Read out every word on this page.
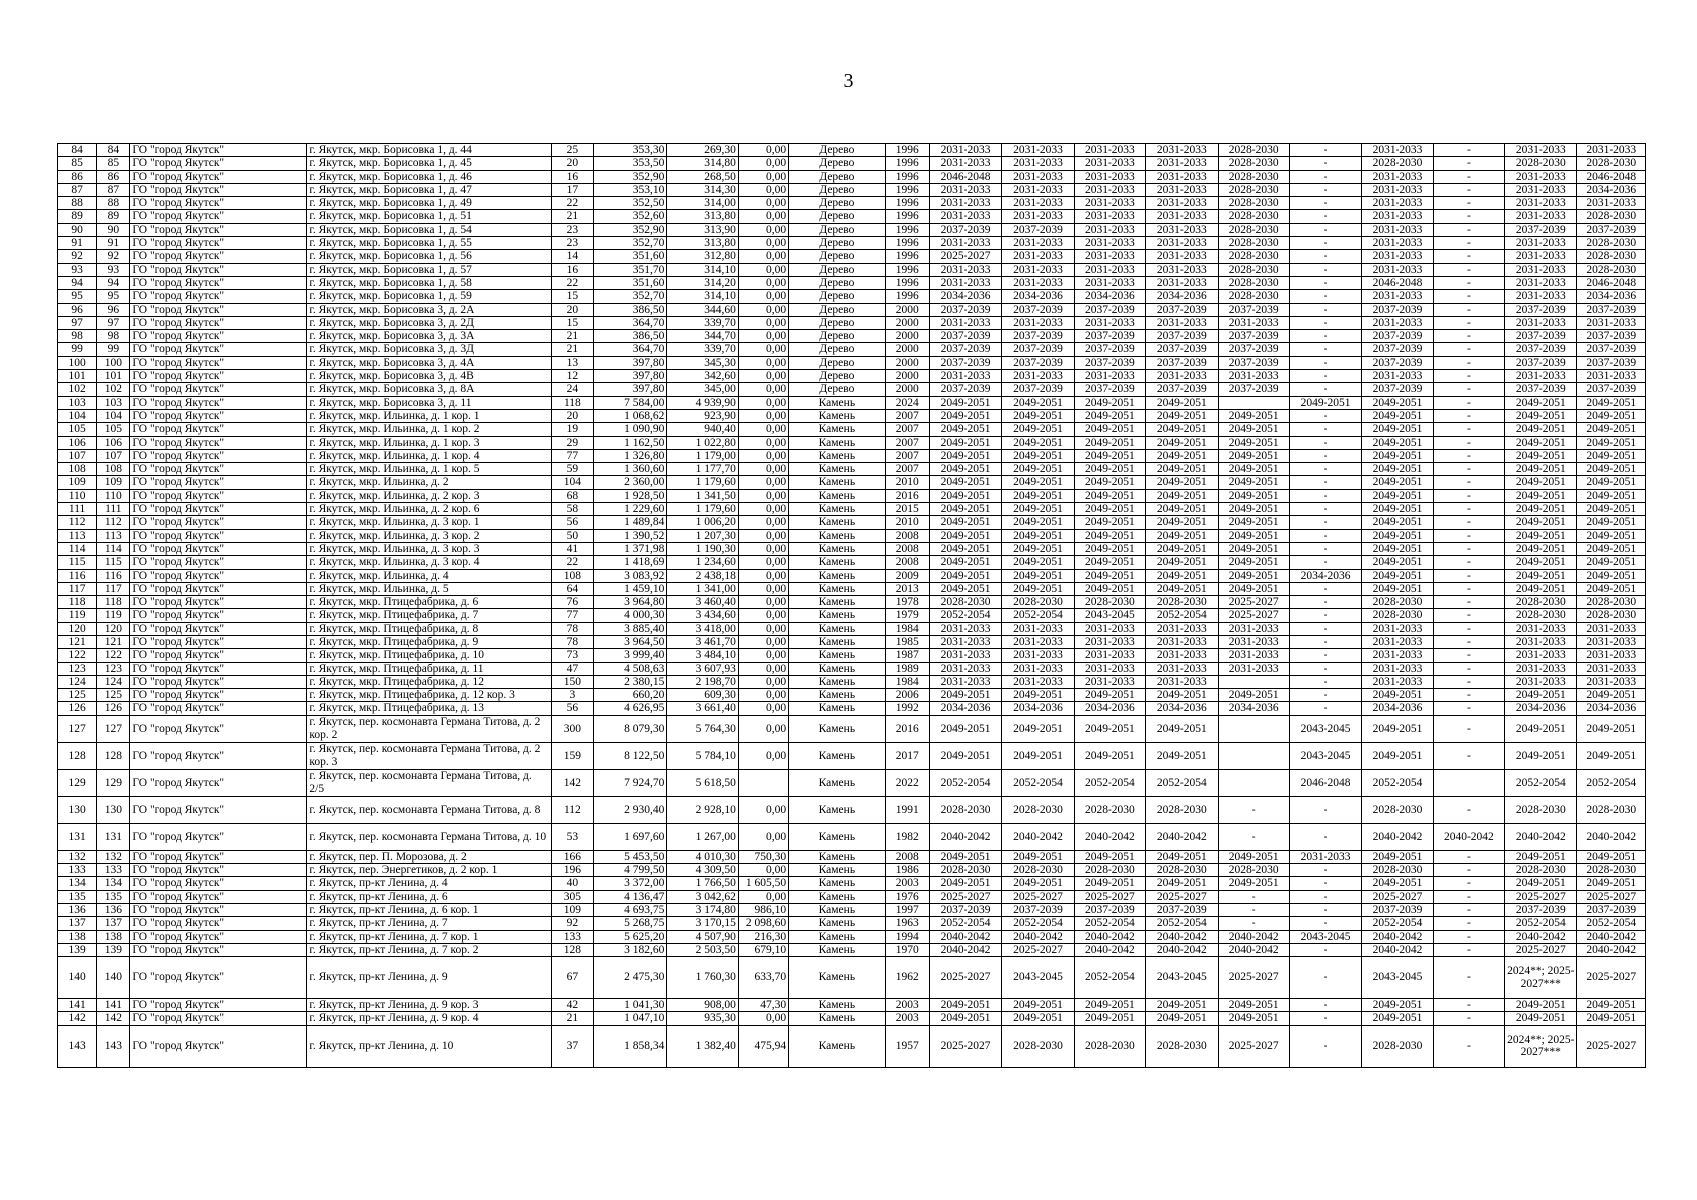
3
84	84	ГО "город Якутск"	г. Якутск, мкр. Борисовка 1, д. 44	25	353,30	269,30	0,00	Дерево	1996	2031-2033	2031-2033	2031-2033	2031-2033	2028-2030	-	2031-2033	-	2031-2033	2031-2033
85	85	ГО "город Якутск"	г. Якутск, мкр. Борисовка 1, д. 45	20	353,50	314,80	0,00	Дерево	1996	2031-2033	2031-2033	2031-2033	2031-2033	2028-2030	-	2028-2030	-	2028-2030	2028-2030
86	86	ГО "город Якутск"	г. Якутск, мкр. Борисовка 1, д. 46	16	352,90	268,50	0,00	Дерево	1996	2046-2048	2031-2033	2031-2033	2031-2033	2028-2030	-	2031-2033	-	2031-2033	2046-2048
87	87	ГО "город Якутск"	г. Якутск, мкр. Борисовка 1, д. 47	17	353,10	314,30	0,00	Дерево	1996	2031-2033	2031-2033	2031-2033	2031-2033	2028-2030	-	2031-2033	-	2031-2033	2034-2036
88	88	ГО "город Якутск"	г. Якутск, мкр. Борисовка 1, д. 49	22	352,50	314,00	0,00	Дерево	1996	2031-2033	2031-2033	2031-2033	2031-2033	2028-2030	-	2031-2033	-	2031-2033	2031-2033
89	89	ГО "город Якутск"	г. Якутск, мкр. Борисовка 1, д. 51	21	352,60	313,80	0,00	Дерево	1996	2031-2033	2031-2033	2031-2033	2031-2033	2028-2030	-	2031-2033	-	2031-2033	2028-2030
90	90	ГО "город Якутск"	г. Якутск, мкр. Борисовка 1, д. 54	23	352,90	313,90	0,00	Дерево	1996	2037-2039	2037-2039	2031-2033	2031-2033	2028-2030	-	2031-2033	-	2037-2039	2037-2039
91	91	ГО "город Якутск"	г. Якутск, мкр. Борисовка 1, д. 55	23	352,70	313,80	0,00	Дерево	1996	2031-2033	2031-2033	2031-2033	2031-2033	2028-2030	-	2031-2033	-	2031-2033	2028-2030
92	92	ГО "город Якутск"	г. Якутск, мкр. Борисовка 1, д. 56	14	351,60	312,80	0,00	Дерево	1996	2025-2027	2031-2033	2031-2033	2031-2033	2028-2030	-	2031-2033	-	2031-2033	2028-2030
93	93	ГО "город Якутск"	г. Якутск, мкр. Борисовка 1, д. 57	16	351,70	314,10	0,00	Дерево	1996	2031-2033	2031-2033	2031-2033	2031-2033	2028-2030	-	2031-2033	-	2031-2033	2028-2030
94	94	ГО "город Якутск"	г. Якутск, мкр. Борисовка 1, д. 58	22	351,60	314,20	0,00	Дерево	1996	2031-2033	2031-2033	2031-2033	2031-2033	2028-2030	-	2046-2048	-	2031-2033	2046-2048
95	95	ГО "город Якутск"	г. Якутск, мкр. Борисовка 1, д. 59	15	352,70	314,10	0,00	Дерево	1996	2034-2036	2034-2036	2034-2036	2034-2036	2028-2030	-	2031-2033	-	2031-2033	2034-2036
96	96	ГО "город Якутск"	г. Якутск, мкр. Борисовка 3, д. 2А	20	386,50	344,60	0,00	Дерево	2000	2037-2039	2037-2039	2037-2039	2037-2039	2037-2039	-	2037-2039	-	2037-2039	2037-2039
97	97	ГО "город Якутск"	г. Якутск, мкр. Борисовка 3, д. 2Д	15	364,70	339,70	0,00	Дерево	2000	2031-2033	2031-2033	2031-2033	2031-2033	2031-2033	-	2031-2033	-	2031-2033	2031-2033
98	98	ГО "город Якутск"	г. Якутск, мкр. Борисовка 3, д. 3А	21	386,50	344,70	0,00	Дерево	2000	2037-2039	2037-2039	2037-2039	2037-2039	2037-2039	-	2037-2039	-	2037-2039	2037-2039
99	99	ГО "город Якутск"	г. Якутск, мкр. Борисовка 3, д. 3Д	21	364,70	339,70	0,00	Дерево	2000	2037-2039	2037-2039	2037-2039	2037-2039	2037-2039	-	2037-2039	-	2037-2039	2037-2039
100	100	ГО "город Якутск"	г. Якутск, мкр. Борисовка 3, д. 4А	13	397,80	345,30	0,00	Дерево	2000	2037-2039	2037-2039	2037-2039	2037-2039	2037-2039	-	2037-2039	-	2037-2039	2037-2039
101	101	ГО "город Якутск"	г. Якутск, мкр. Борисовка 3, д. 4В	12	397,80	342,60	0,00	Дерево	2000	2031-2033	2031-2033	2031-2033	2031-2033	2031-2033	-	2031-2033	-	2031-2033	2031-2033
102	102	ГО "город Якутск"	г. Якутск, мкр. Борисовка 3, д. 8А	24	397,80	345,00	0,00	Дерево	2000	2037-2039	2037-2039	2037-2039	2037-2039	2037-2039	-	2037-2039	-	2037-2039	2037-2039
103	103	ГО "город Якутск"	г. Якутск, мкр. Борисовка 3, д. 11	118	7 584,00	4 939,90	0,00	Камень	2024	2049-2051	2049-2051	2049-2051	2049-2051		2049-2051	2049-2051	-	2049-2051	2049-2051
104	104	ГО "город Якутск"	г. Якутск, мкр. Ильинка, д. 1 кор. 1	20	1 068,62	923,90	0,00	Камень	2007	2049-2051	2049-2051	2049-2051	2049-2051	2049-2051	-	2049-2051	-	2049-2051	2049-2051
105	105	ГО "город Якутск"	г. Якутск, мкр. Ильинка, д. 1 кор. 2	19	1 090,90	940,40	0,00	Камень	2007	2049-2051	2049-2051	2049-2051	2049-2051	2049-2051	-	2049-2051	-	2049-2051	2049-2051
106	106	ГО "город Якутск"	г. Якутск, мкр. Ильинка, д. 1 кор. 3	29	1 162,50	1 022,80	0,00	Камень	2007	2049-2051	2049-2051	2049-2051	2049-2051	2049-2051	-	2049-2051	-	2049-2051	2049-2051
107	107	ГО "город Якутск"	г. Якутск, мкр. Ильинка, д. 1 кор. 4	77	1 326,80	1 179,00	0,00	Камень	2007	2049-2051	2049-2051	2049-2051	2049-2051	2049-2051	-	2049-2051	-	2049-2051	2049-2051
108	108	ГО "город Якутск"	г. Якутск, мкр. Ильинка, д. 1 кор. 5	59	1 360,60	1 177,70	0,00	Камень	2007	2049-2051	2049-2051	2049-2051	2049-2051	2049-2051	-	2049-2051	-	2049-2051	2049-2051
109	109	ГО "город Якутск"	г. Якутск, мкр. Ильинка, д. 2	104	2 360,00	1 179,60	0,00	Камень	2010	2049-2051	2049-2051	2049-2051	2049-2051	2049-2051	-	2049-2051	-	2049-2051	2049-2051
110	110	ГО "город Якутск"	г. Якутск, мкр. Ильинка, д. 2 кор. 3	68	1 928,50	1 341,50	0,00	Камень	2016	2049-2051	2049-2051	2049-2051	2049-2051	2049-2051	-	2049-2051	-	2049-2051	2049-2051
111	111	ГО "город Якутск"	г. Якутск, мкр. Ильинка, д. 2 кор. 6	58	1 229,60	1 179,60	0,00	Камень	2015	2049-2051	2049-2051	2049-2051	2049-2051	2049-2051	-	2049-2051	-	2049-2051	2049-2051
112	112	ГО "город Якутск"	г. Якутск, мкр. Ильинка, д. 3 кор. 1	56	1 489,84	1 006,20	0,00	Камень	2010	2049-2051	2049-2051	2049-2051	2049-2051	2049-2051	-	2049-2051	-	2049-2051	2049-2051
113	113	ГО "город Якутск"	г. Якутск, мкр. Ильинка, д. 3 кор. 2	50	1 390,52	1 207,30	0,00	Камень	2008	2049-2051	2049-2051	2049-2051	2049-2051	2049-2051	-	2049-2051	-	2049-2051	2049-2051
114	114	ГО "город Якутск"	г. Якутск, мкр. Ильинка, д. 3 кор. 3	41	1 371,98	1 190,30	0,00	Камень	2008	2049-2051	2049-2051	2049-2051	2049-2051	2049-2051	-	2049-2051	-	2049-2051	2049-2051
115	115	ГО "город Якутск"	г. Якутск, мкр. Ильинка, д. 3 кор. 4	22	1 418,69	1 234,60	0,00	Камень	2008	2049-2051	2049-2051	2049-2051	2049-2051	2049-2051	-	2049-2051	-	2049-2051	2049-2051
116	116	ГО "город Якутск"	г. Якутск, мкр. Ильинка, д. 4	108	3 083,92	2 438,18	0,00	Камень	2009	2049-2051	2049-2051	2049-2051	2049-2051	2049-2051	2034-2036	2049-2051	-	2049-2051	2049-2051
117	117	ГО "город Якутск"	г. Якутск, мкр. Ильинка, д. 5	64	1 459,10	1 341,00	0,00	Камень	2013	2049-2051	2049-2051	2049-2051	2049-2051	2049-2051	-	2049-2051	-	2049-2051	2049-2051
118	118	ГО "город Якутск"	г. Якутск, мкр. Птицефабрика, д. 6	76	3 964,80	3 460,40	0,00	Камень	1978	2028-2030	2028-2030	2028-2030	2028-2030	2025-2027	-	2028-2030	-	2028-2030	2028-2030
119	119	ГО "город Якутск"	г. Якутск, мкр. Птицефабрика, д. 7	77	4 000,30	3 434,60	0,00	Камень	1979	2052-2054	2052-2054	2043-2045	2052-2054	2025-2027	-	2028-2030	-	2028-2030	2028-2030
120	120	ГО "город Якутск"	г. Якутск, мкр. Птицефабрика, д. 8	78	3 885,40	3 418,00	0,00	Камень	1984	2031-2033	2031-2033	2031-2033	2031-2033	2031-2033	-	2031-2033	-	2031-2033	2031-2033
121	121	ГО "город Якутск"	г. Якутск, мкр. Птицефабрика, д. 9	78	3 964,50	3 461,70	0,00	Камень	1985	2031-2033	2031-2033	2031-2033	2031-2033	2031-2033	-	2031-2033	-	2031-2033	2031-2033
122	122	ГО "город Якутск"	г. Якутск, мкр. Птицефабрика, д. 10	73	3 999,40	3 484,10	0,00	Камень	1987	2031-2033	2031-2033	2031-2033	2031-2033	2031-2033	-	2031-2033	-	2031-2033	2031-2033
123	123	ГО "город Якутск"	г. Якутск, мкр. Птицефабрика, д. 11	47	4 508,63	3 607,93	0,00	Камень	1989	2031-2033	2031-2033	2031-2033	2031-2033	2031-2033	-	2031-2033	-	2031-2033	2031-2033
124	124	ГО "город Якутск"	г. Якутск, мкр. Птицефабрика, д. 12	150	2 380,15	2 198,70	0,00	Камень	1984	2031-2033	2031-2033	2031-2033	2031-2033		-	2031-2033	-	2031-2033	2031-2033
125	125	ГО "город Якутск"	г. Якутск, мкр. Птицефабрика, д. 12 кор. 3	3	660,20	609,30	0,00	Камень	2006	2049-2051	2049-2051	2049-2051	2049-2051	2049-2051	-	2049-2051	-	2049-2051	2049-2051
126	126	ГО "город Якутск"	г. Якутск, мкр. Птицефабрика, д. 13	56	4 626,95	3 661,40	0,00	Камень	1992	2034-2036	2034-2036	2034-2036	2034-2036	2034-2036	-	2034-2036	-	2034-2036	2034-2036
127	127	ГО "город Якутск"	г. Якутск, пер. космонавта Германа Титова, д. 2 кор. 2	300	8 079,30	5 764,30	0,00	Камень	2016	2049-2051	2049-2051	2049-2051	2049-2051		2043-2045	2049-2051	-	2049-2051	2049-2051
128	128	ГО "город Якутск"	г. Якутск, пер. космонавта Германа Титова, д. 2 кор. 3	159	8 122,50	5 784,10	0,00	Камень	2017	2049-2051	2049-2051	2049-2051	2049-2051		2043-2045	2049-2051	-	2049-2051	2049-2051
129	129	ГО "город Якутск"	г. Якутск, пер. космонавта Германа Титова, д. 2/5	142	7 924,70	5 618,50		Камень	2022	2052-2054	2052-2054	2052-2054	2052-2054		2046-2048	2052-2054		2052-2054	2052-2054
130	130	ГО "город Якутск"	г. Якутск, пер. космонавта Германа Титова, д. 8	112	2 930,40	2 928,10	0,00	Камень	1991	2028-2030	2028-2030	2028-2030	2028-2030	-	-	2028-2030	-	2028-2030	2028-2030
131	131	ГО "город Якутск"	г. Якутск, пер. космонавта Германа Титова, д. 10	53	1 697,60	1 267,00	0,00	Камень	1982	2040-2042	2040-2042	2040-2042	2040-2042	-	-	2040-2042	2040-2042	2040-2042	2040-2042
132	132	ГО "город Якутск"	г. Якутск, пер. П. Морозова, д. 2	166	5 453,50	4 010,30	750,30	Камень	2008	2049-2051	2049-2051	2049-2051	2049-2051	2049-2051	2031-2033	2049-2051	-	2049-2051	2049-2051
133	133	ГО "город Якутск"	г. Якутск, пер. Энергетиков, д. 2 кор. 1	196	4 799,50	4 309,50	0,00	Камень	1986	2028-2030	2028-2030	2028-2030	2028-2030	2028-2030	-	2028-2030	-	2028-2030	2028-2030
134	134	ГО "город Якутск"	г. Якутск, пр-кт Ленина, д. 4	40	3 372,00	1 766,50	1 605,50	Камень	2003	2049-2051	2049-2051	2049-2051	2049-2051	2049-2051	-	2049-2051	-	2049-2051	2049-2051
135	135	ГО "город Якутск"	г. Якутск, пр-кт Ленина, д. 6	305	4 136,47	3 042,62	0,00	Камень	1976	2025-2027	2025-2027	2025-2027	2025-2027	-	-	2025-2027	-	2025-2027	2025-2027
136	136	ГО "город Якутск"	г. Якутск, пр-кт Ленина, д. 6 кор. 1	109	4 693,75	3 174,80	986,10	Камень	1997	2037-2039	2037-2039	2037-2039	2037-2039	-	-	2037-2039	-	2037-2039	2037-2039
137	137	ГО "город Якутск"	г. Якутск, пр-кт Ленина, д. 7	92	5 268,75	3 170,15	2 098,60	Камень	1963	2052-2054	2052-2054	2052-2054	2052-2054	-	-	2052-2054	-	2052-2054	2052-2054
138	138	ГО "город Якутск"	г. Якутск, пр-кт Ленина, д. 7 кор. 1	133	5 625,20	4 507,90	216,30	Камень	1994	2040-2042	2040-2042	2040-2042	2040-2042	2040-2042	2043-2045	2040-2042	-	2040-2042	2040-2042
139	139	ГО "город Якутск"	г. Якутск, пр-кт Ленина, д. 7 кор. 2	128	3 182,60	2 503,50	679,10	Камень	1970	2040-2042	2025-2027	2040-2042	2040-2042	2040-2042	-	2040-2042	-	2025-2027	2040-2042
140	140	ГО "город Якутск"	г. Якутск, пр-кт Ленина, д. 9	67	2 475,30	1 760,30	633,70	Камень	1962	2025-2027	2043-2045	2052-2054	2043-2045	2025-2027	-	2043-2045	-	2024**; 2025-2027***	2025-2027
141	141	ГО "город Якутск"	г. Якутск, пр-кт Ленина, д. 9 кор. 3	42	1 041,30	908,00	47,30	Камень	2003	2049-2051	2049-2051	2049-2051	2049-2051	2049-2051	-	2049-2051	-	2049-2051	2049-2051
142	142	ГО "город Якутск"	г. Якутск, пр-кт Ленина, д. 9 кор. 4	21	1 047,10	935,30	0,00	Камень	2003	2049-2051	2049-2051	2049-2051	2049-2051	2049-2051	-	2049-2051	-	2049-2051	2049-2051
143	143	ГО "город Якутск"	г. Якутск, пр-кт Ленина, д. 10	37	1 858,34	1 382,40	475,94	Камень	1957	2025-2027	2028-2030	2028-2030	2028-2030	2025-2027	-	2028-2030	-	2024**; 2025-2027***	2025-2027
